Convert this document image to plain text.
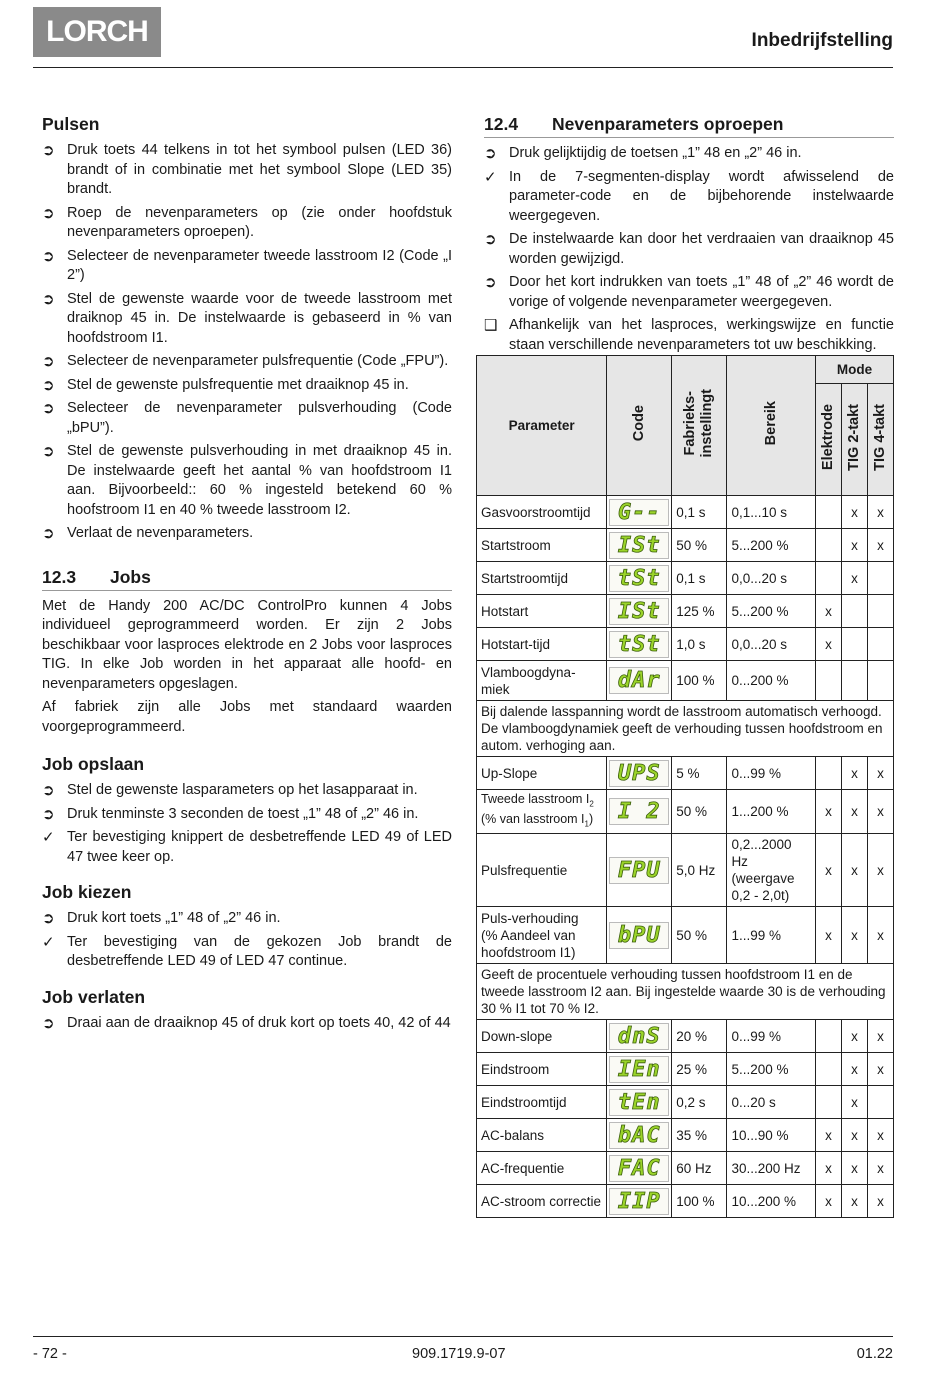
LORCH	Inbedrijfstelling
Pulsen
➲ Druk toets 44 telkens in tot het symbool pulsen (LED 36) brandt of in combinatie met het symbool Slope (LED 35) brandt.
➲ Roep de nevenparameters op (zie onder hoofdstuk nevenparameters oproepen).
➲ Selecteer de nevenparameter tweede lasstroom I2 (Code „I 2”)
➲ Stel de gewenste waarde voor de tweede lasstroom met draiknop 45 in. De instelwaarde is gebaseerd in % van hoofdstroom I1.
➲ Selecteer de nevenparameter pulsfrequentie (Code „FPU”).
➲ Stel de gewenste pulsfrequentie met draaiknop 45 in.
➲ Selecteer de nevenparameter pulsverhouding (Code „bPU”).
➲ Stel de gewenste pulsverhouding in met draaiknop 45 in. De instelwaarde geeft het aantal % van hoofdstroom I1 aan. Bijvoorbeeld:: 60 % ingesteld betekend 60 % hoofstroom I1 en 40 % tweede lasstroom I2.
➲ Verlaat de nevenparameters.
12.3	Jobs

Met de Handy 200 AC/DC ControlPro kunnen 4 Jobs individueel geprogrammeerd worden. Er zijn 2 Jobs beschikbaar voor lasproces elektrode en 2 Jobs voor lasproces TIG. In elke Job worden in het apparaat alle hoofd- en nevenparameters opgeslagen.

Af fabriek zijn alle Jobs met standaard waarden voorgeprogrammeerd.

Job opslaan
➲ Stel de gewenste lasparameters op het lasapparaat in.
➲ Druk tenminste 3 seconden de toest „1” 48 of „2” 46 in.
✓ Ter bevestiging knippert de desbetreffende LED 49 of LED 47 twee keer op.
Job kiezen
➲ Druk kort toets „1” 48 of „2” 46 in.
✓ Ter bevestiging van de gekozen Job brandt de desbetreffende LED 49 of LED 47 continue.
Job verlaten
➲ Draai aan de draaiknop 45 of druk kort op toets 40, 42 of 44
12.4	Nevenparameters oproepen
➲ Druk gelijktijdig de toetsen „1” 48 en „2” 46 in.
✓ In de 7-segmenten-display wordt afwisselend de parameter-code en de bijbehorende instelwaarde weergegeven.
➲ De instelwaarde kan door het verdraaien van draaiknop 45 worden gewijzigd.
➲ Door het kort indrukken van toets „1” 48 of „2” 46 wordt de vorige of volgende nevenparameter weergegeven.
❑ Afhankelijk van het lasproces, werkingswijze en functie staan verschillende nevenparameters tot uw beschikking.
Parameter	Code	Fabrieks-
instellingt	Bereik	Mode		
				Elektrode	TIG 2-takt	TIG 4-takt
Gasvoorstroomtijd	G--	0,1 s	0,1...10 s		x	x
Startstroom	ISt	50 %	5...200 %		x	x
Startstroomtijd	tSt	0,1 s	0,0...20 s		x	
Hotstart	ISt	125 %	5...200 %	x		
Hotstart-tijd	tSt	1,0 s	0,0...20 s	x		
Vlamboogdyna-miek	dAr	100 %	0...200 %			
Bij dalende lasspanning wordt de lasstroom automatisch verhoogd. De vlamboogdynamiek geeft de verhouding tussen hoofdstroom en autom. verhoging aan.						
Up-Slope	UPS	5 %	0...99 %		x	x
Tweede lasstroom $I_2$
(% van lasstroom $I_1$)	I 2	50 %	1...200 %	x	x	x
Pulsfrequentie	FPU	5,0 Hz	0,2...2000 Hz
(weergave
0,2 - 2,0t)	x	x	x
Puls-verhouding
(% Aandeel van
hoofdstroom I1)	bPU	50 %	1...99 %	x	x	x
Geeft de procentuele verhouding tussen hoofdstroom I1 en de tweede lasstroom I2 aan. Bij ingestelde waarde 30 is de verhouding 30 % I1 tot 70 % I2.						
Down-slope	dnS	20 %	0...99 %		x	x
Eindstroom	IEn	25 %	5...200 %		x	x
Eindstroomtijd	tEn	0,2 s	0...20 s		x	
AC-balans	bAC	35 %	10...90 %	x	x	x
AC-frequentie	FAC	60 Hz	30...200 Hz	x	x	x
AC-stroom correctie	IIP	100 %	10...200 %	x	x	x
- 72 -	909.1719.9-07	01.22
